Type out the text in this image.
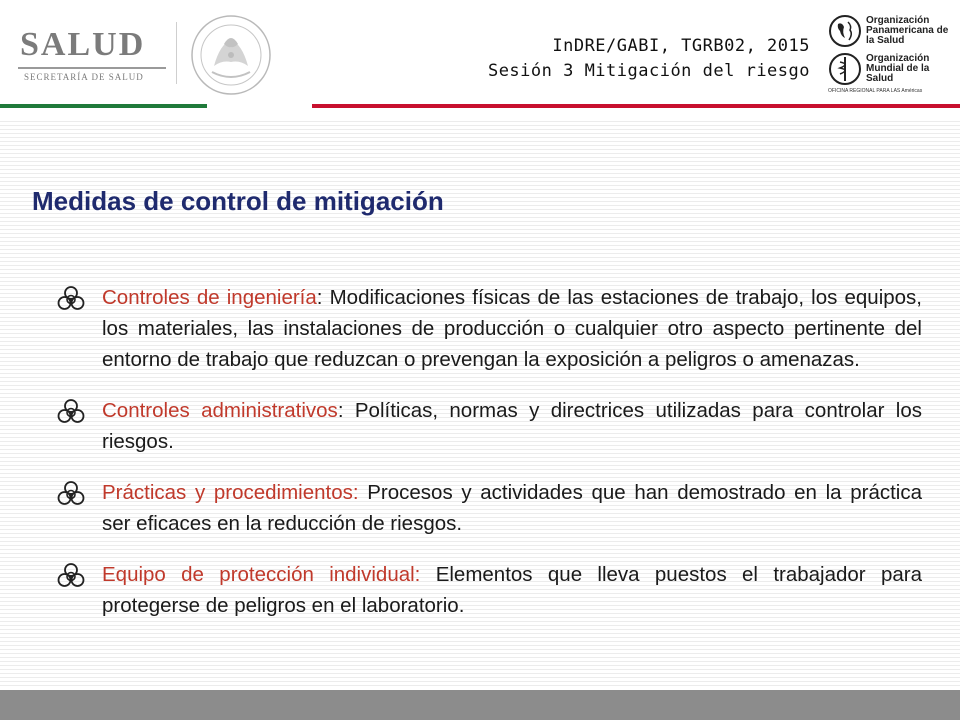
SALUD
SECRETARÍA DE SALUD
InDRE/GABI, TGRB02, 2015
Sesión 3 Mitigación del riesgo
Organización Panamericana de la Salud
Organización Mundial de la Salud
OFICINA REGIONAL PARA LAS Américas
Medidas de control de mitigación
Controles de ingeniería: Modificaciones físicas de las estaciones de trabajo, los equipos, los materiales, las instalaciones de producción o cualquier otro aspecto pertinente del entorno de trabajo que reduzcan o prevengan la exposición a peligros o amenazas.
Controles administrativos: Políticas, normas y directrices utilizadas para controlar los riesgos.
Prácticas y procedimientos: Procesos y actividades que han demostrado en la práctica ser eficaces en la reducción de riesgos.
Equipo de protección individual: Elementos que lleva puestos el trabajador para protegerse de peligros en el laboratorio.
